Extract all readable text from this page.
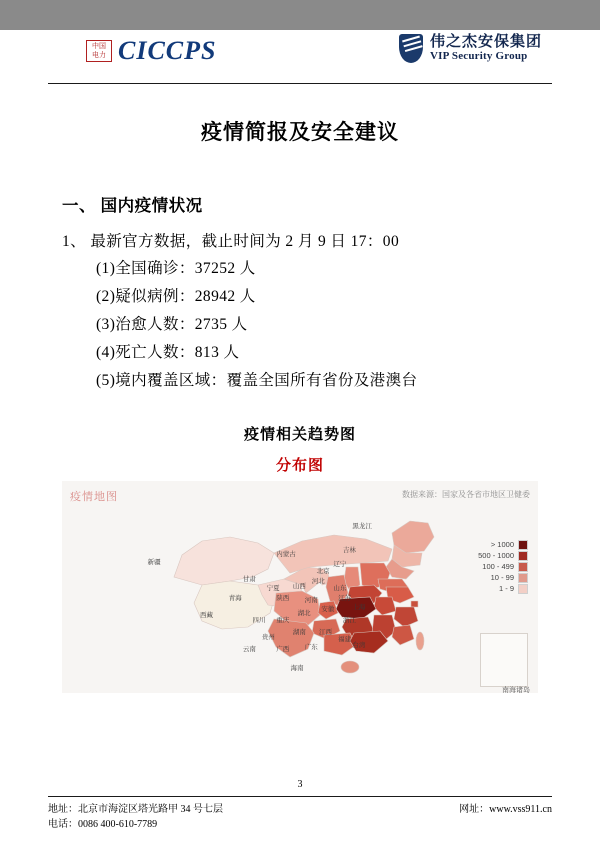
中国
电力 CICCPS	伟之杰安保集团
VIP Security Group
疫情简报及安全建议
一、 国内疫情状况
1、 最新官方数据，截止时间为 2 月 9 日 17：00
(1)全国确诊：37252 人
(2)疑似病例：28942 人
(3)治愈人数：2735 人
(4)死亡人数：813 人
(5)境内覆盖区域：覆盖全国所有省份及港澳台
疫情相关趋势图
分布图
疫情地图	数据来源：国家及各省市地区卫健委
黑龙江
吉林
内蒙古
辽宁
新疆
北京
河北
山西
甘肃
宁夏	山东
青海	陕西 河南	江苏
安徽
西藏	湖北
上海
四川 重庆	浙江
湖南 江西
贵州	福建
云南	广西 广东	台湾
海南
> 1000
500 - 1000
100 - 499
10 - 99
1 - 9
南海诸岛
3
地址：北京市海淀区塔光路甲 34 号七层
电话：0086 400-610-7789
网址：www.vss911.cn
